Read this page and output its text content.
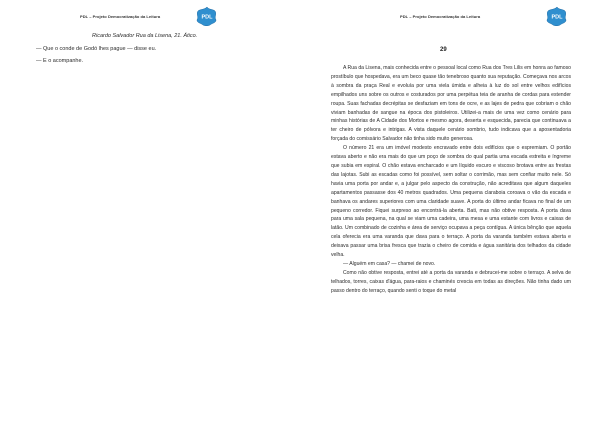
PDL – Projeto Democratização da Leitura	PDL
Ricardo Salvador Rua da Lisena, 21. Ático.
— Que o conde de Godó lhes pague — disse eu.
— E o acompanhe.
PDL – Projeto Democratização da Leitura	PDL
29

A Rua da Lisena, mais conhecida entre o pessoal local como Rua dos Tres Lilis em honra ao famoso prostíbulo que hospedava, era um beco quase tão tenebroso quanto sua reputação. Começava nos arcos à sombra da praça Real e evoluía por uma viela úmida e alheia à luz do sol entre velhos edifícios empilhados uns sobre os outros e costurados por uma perpétua teia de aranha de cordas para estender roupa. Suas fachadas decrépitas se desfaziam em tons de ocre, e as lajes de pedra que cobriam o chão viviam banhadas de sangue na época dos pistoleiros. Utilizei-a mais de uma vez como cenário para minhas histórias de A Cidade dos Mortos e mesmo agora, deserta e esquecida, parecia que continuava a ter cheiro de pólvora e intrigas. A vista daquele cenário sombrio, tudo indicava que a aposentadoria forçada do comissário Salvador não tinha sido muito generosa.

O número 21 era um imóvel modesto encravado entre dois edifícios que o espremiam. O portão estava aberto e não era mais do que um poço de sombra do qual partia uma escada estreita e íngreme que subia em espiral. O chão estava encharcado e um líquido escuro e viscoso brotava entre as frestas das lajotas. Subi as escadas como foi possível, sem soltar o corrimão, mas sem confiar muito nele. Só havia uma porta por andar e, a julgar pelo aspecto da construção, não acreditava que algum daqueles apartamentos passasse dos 40 metros quadrados. Uma pequena claraboia coroava o vão da escada e banhava os andares superiores com uma claridade suave. A porta do último andar ficava no final de um pequeno corredor. Fiquei surpreso ao encontrá-la aberta. Bati, mas não obtive resposta. A porta dava para uma sala pequena, na qual se viam uma cadeira, uma mesa e uma estante com livros e caixas de latão. Um combinado de cozinha e área de serviço ocupava a peça contígua. A única bênção que aquela cela oferecia era uma varanda que dava para o terraço. A porta da varanda também estava aberta e deixava passar uma brisa fresca que trazia o cheiro de comida e água sanitária dos telhados da cidade velha.

— Alguém em casa? — chamei de novo.

Como não obtive resposta, entrei até a porta da varanda e debrucei-me sobre o terraço. A selva de telhados, torres, caixas d'água, para-raios e chaminés crescia em todas as direções. Não tinha dado um passo dentro do terraço, quando senti o toque do metal
